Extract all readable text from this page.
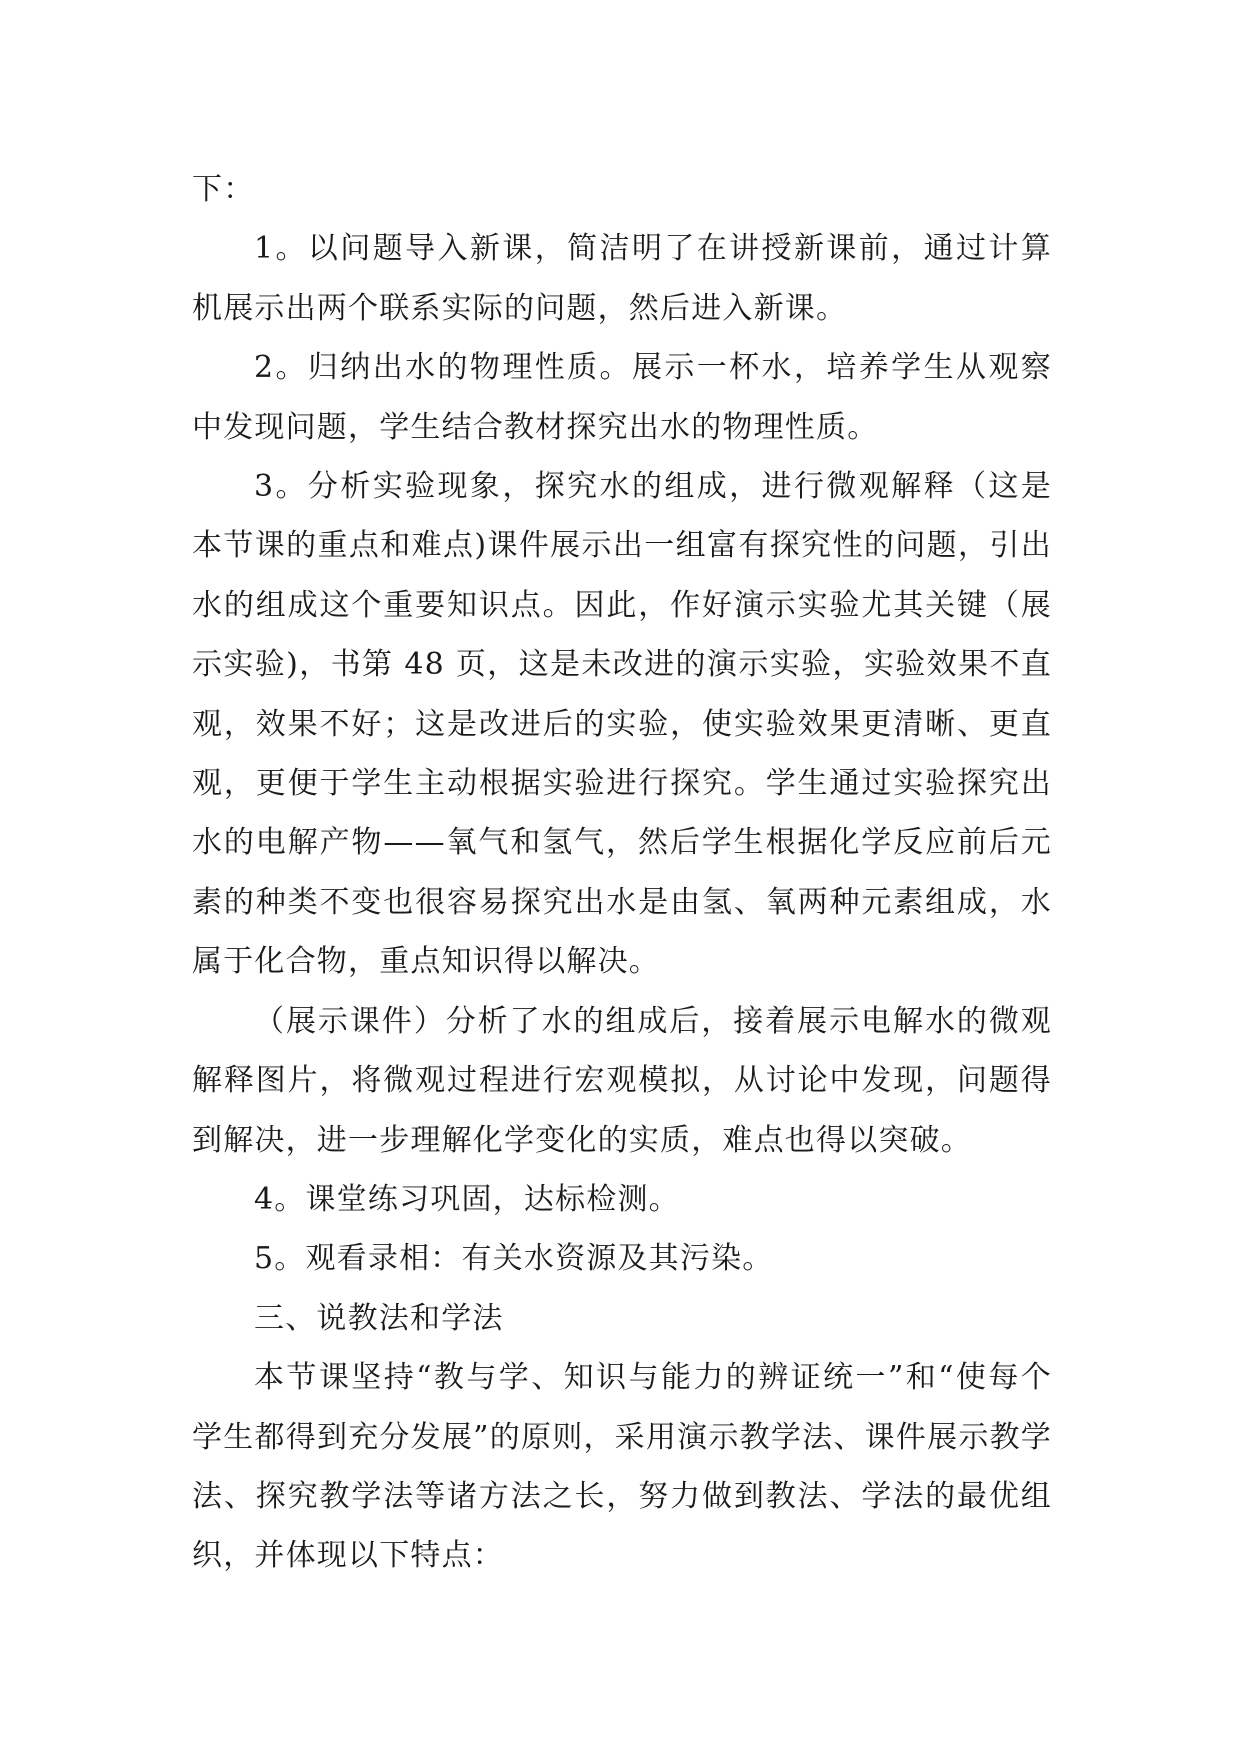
下：

1。以问题导入新课，简洁明了在讲授新课前，通过计算机展示出两个联系实际的问题，然后进入新课。

2。归纳出水的物理性质。展示一杯水，培养学生从观察中发现问题，学生结合教材探究出水的物理性质。

3。分析实验现象，探究水的组成，进行微观解释（这是本节课的重点和难点)课件展示出一组富有探究性的问题，引出水的组成这个重要知识点。因此，作好演示实验尤其关键（展示实验)，书第 48 页，这是未改进的演示实验，实验效果不直观，效果不好；这是改进后的实验，使实验效果更清晰、更直观，更便于学生主动根据实验进行探究。学生通过实验探究出水的电解产物——氧气和氢气，然后学生根据化学反应前后元素的种类不变也很容易探究出水是由氢、氧两种元素组成，水属于化合物，重点知识得以解决。

（展示课件）分析了水的组成后，接着展示电解水的微观解释图片，将微观过程进行宏观模拟，从讨论中发现，问题得到解决，进一步理解化学变化的实质，难点也得以突破。

4。课堂练习巩固，达标检测。

5。观看录相：有关水资源及其污染。

三、说教法和学法

本节课坚持“教与学、知识与能力的辨证统一”和“使每个学生都得到充分发展”的原则，采用演示教学法、课件展示教学法、探究教学法等诸方法之长，努力做到教法、学法的最优组织，并体现以下特点：
